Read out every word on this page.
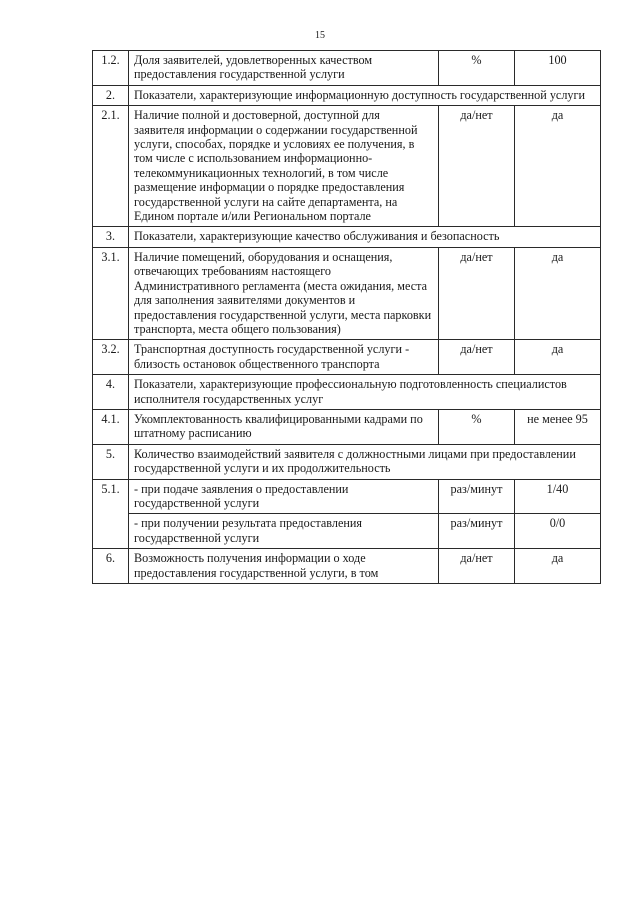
15
1.2.	Доля заявителей, удовлетворенных качеством предоставления государственной услуги	%	100
2.	Показатели, характеризующие информационную доступность государственной услуги		
2.1.	Наличие полной и достоверной, доступной для заявителя информации о содержании государственной услуги, способах, порядке и условиях ее получения, в том числе с использованием информационно-телекоммуникационных технологий, в том числе размещение информации о порядке предоставления государственной услуги на сайте департамента, на Едином портале и/или Региональном портале	да/нет	да
3.	Показатели, характеризующие качество обслуживания и безопасность		
3.1.	Наличие помещений, оборудования и оснащения, отвечающих требованиям настоящего Административного регламента (места ожидания, места для заполнения заявителями документов и предоставления государственной услуги, места парковки транспорта, места общего пользования)	да/нет	да
3.2.	Транспортная доступность государственной услуги - близость остановок общественного транспорта	да/нет	да
4.	Показатели, характеризующие профессиональную подготовленность специалистов исполнителя государственных услуг		
4.1.	Укомплектованность квалифицированными кадрами по штатному расписанию	%	не менее 95
5.	Количество взаимодействий заявителя с должностными лицами при предоставлении государственной услуги и их продолжительность		
5.1.	- при подаче заявления о предоставлении государственной услуги	раз/минут	1/40
	- при получении результата предоставления государственной услуги	раз/минут	0/0
6.	Возможность получения информации о ходе предоставления государственной услуги, в том	да/нет	да
